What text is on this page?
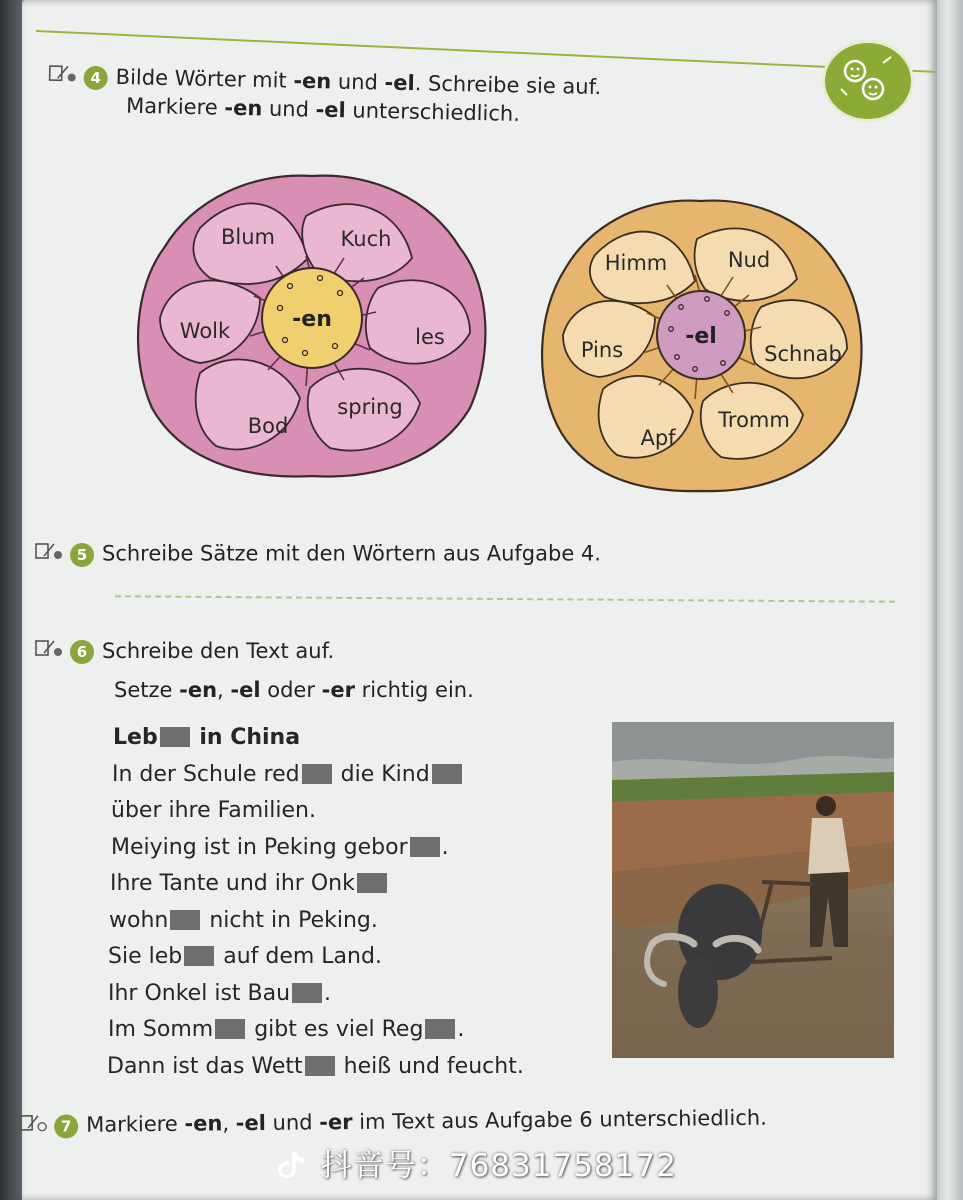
4 Bilde Wörter mit -en und -el. Schreibe sie auf.
Markiere -en und -el unterschiedlich.
-en
Blum	Kuch
Wolk	les
Bod
spring
-el
Himm	Nud
Pins	Schnab
Apf
Tromm
5 Schreibe Sätze mit den Wörtern aus Aufgabe 4.
6 Schreibe den Text auf.
Setze -en, -el oder -er richtig ein.
Leb in China
In der Schule red die Kind
über ihre Familien.
Meiying ist in Peking gebor .
Ihre Tante und ihr Onk
wohn nicht in Peking.
Sie leb auf dem Land.
Ihr Onkel ist Bau .
Im Somm gibt es viel Reg .
Dann ist das Wett heiß und feucht.
7 Markiere -en, -el und -er im Text aus Aufgabe 6 unterschiedlich.
抖音号：76831758172
